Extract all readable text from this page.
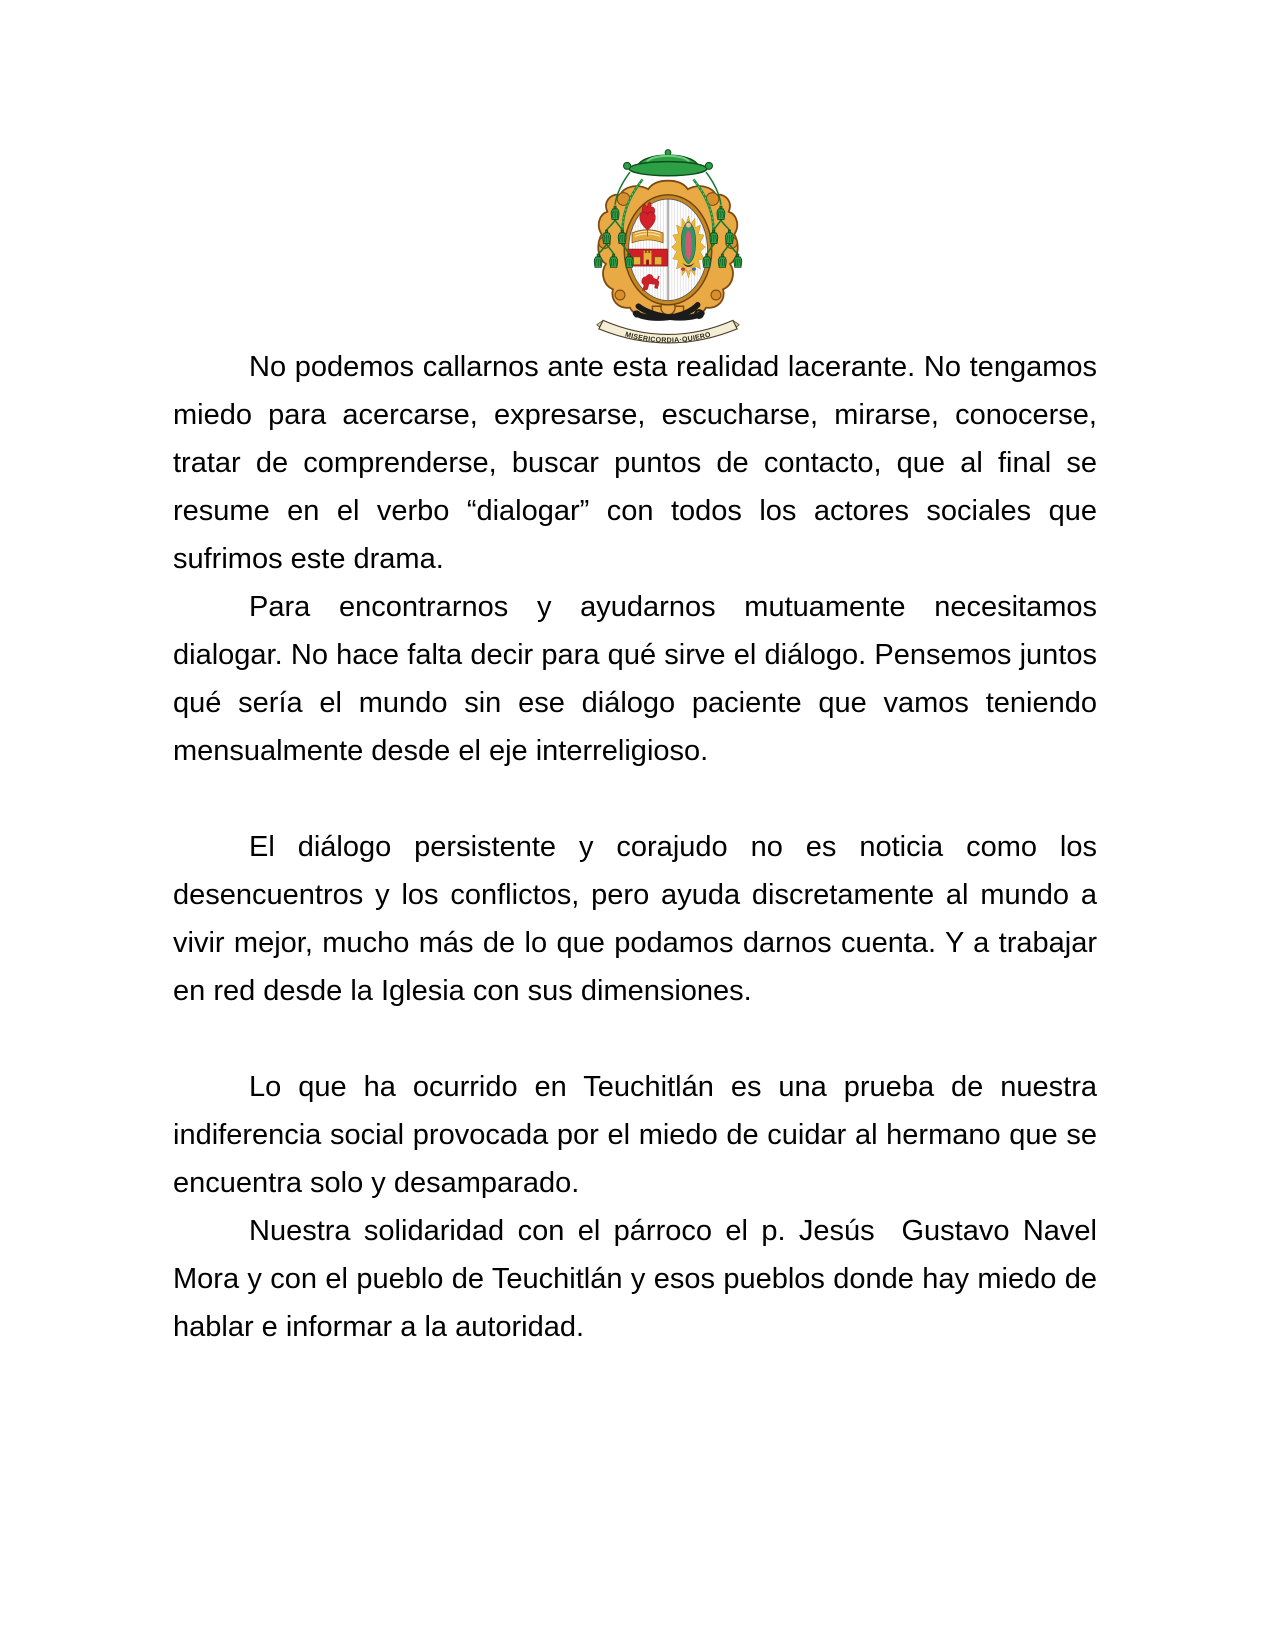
MISERICORDIA·QUIERO

No podemos callarnos ante esta realidad lacerante. No tengamos miedo para acercarse, expresarse, escucharse, mirarse, conocerse, tratar de comprenderse, buscar puntos de contacto, que al final se resume en el verbo “dialogar” con todos los actores sociales que sufrimos este drama.

Para encontrarnos y ayudarnos mutuamente necesitamos dialogar. No hace falta decir para qué sirve el diálogo. Pensemos juntos qué sería el mundo sin ese diálogo paciente que vamos teniendo mensualmente desde el eje interreligioso.

El diálogo persistente y corajudo no es noticia como los desencuentros y los conflictos, pero ayuda discretamente al mundo a vivir mejor, mucho más de lo que podamos darnos cuenta. Y a trabajar en red desde la Iglesia con sus dimensiones.

Lo que ha ocurrido en Teuchitlán es una prueba de nuestra indiferencia social provocada por el miedo de cuidar al hermano que se encuentra solo y desamparado.

Nuestra solidaridad con el párroco el p. Jesús  Gustavo Navel Mora y con el pueblo de Teuchitlán y esos pueblos donde hay miedo de hablar e informar a la autoridad.
